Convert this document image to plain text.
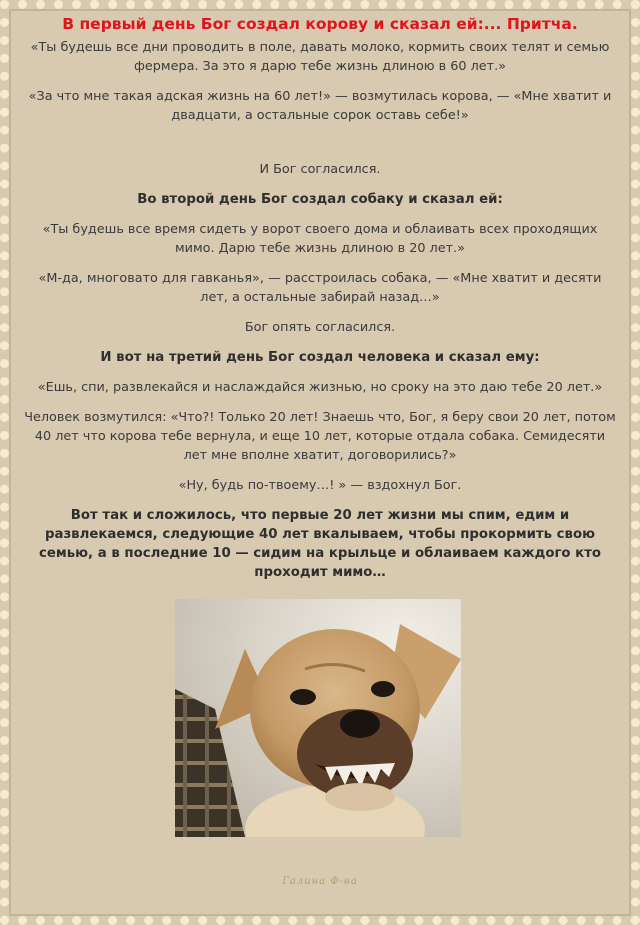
В первый день Бог создал корову и сказал ей:... Притча.

«Ты будешь все дни проводить в поле, давать молоко, кормить своих телят и семью фермера. За это я дарю тебе жизнь длиною в 60 лет.»

«За что мне такая адская жизнь на 60 лет!» — возмутилась корова, — «Мне хватит и двадцати, а остальные сорок оставь себе!»

И Бог согласился.

Во второй день Бог создал собаку и сказал ей:

«Ты будешь все время сидеть у ворот своего дома и облаивать всех проходящих мимо. Дарю тебе жизнь длиною в 20 лет.»

«М-да, многовато для гавканья», — расстроилась собака, — «Мне хватит и десяти лет, а остальные забирай назад…»

Бог опять согласился.

И вот на третий день Бог создал человека и сказал ему:

«Ешь, спи, развлекайся и наслаждайся жизнью, но сроку на это даю тебе 20 лет.»

Человек возмутился: «Что?! Только 20 лет! Знаешь что, Бог, я беру свои 20 лет, потом 40 лет что корова тебе вернула, и еще 10 лет, которые отдала собака. Семидесяти лет мне вполне хватит, договорились?»

«Ну, будь по-твоему…! » — вздохнул Бог.

Вот так и сложилось, что первые 20 лет жизни мы спим, едим и развлекаемся, следующие 40 лет вкалываем, чтобы прокормить свою семью, а в последние 10 — сидим на крыльце и облаиваем каждого кто проходит мимо…

Галина Ф-ва
